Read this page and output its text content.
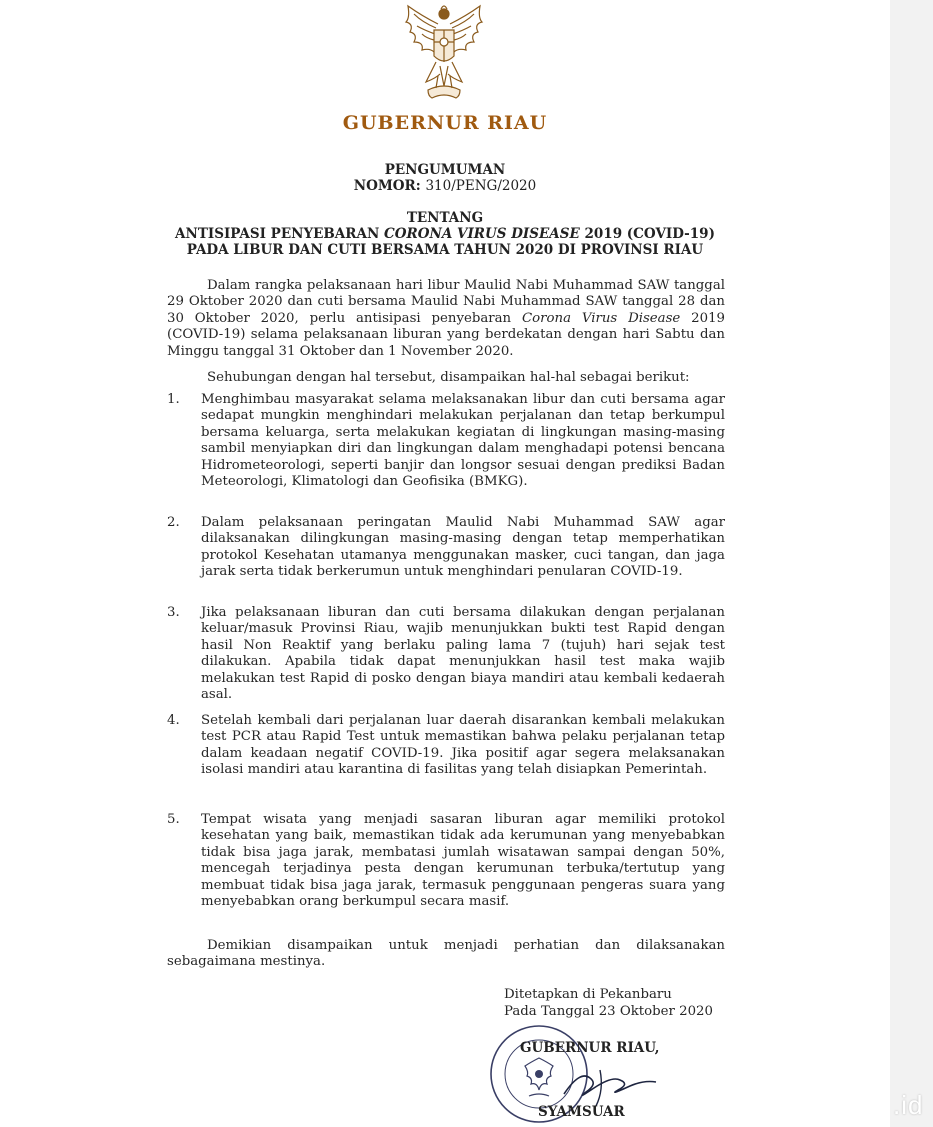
GUBERNUR RIAU
PENGUMUMAN
NOMOR: 310/PENG/2020
TENTANG
ANTISIPASI PENYEBARAN CORONA VIRUS DISEASE 2019 (COVID-19)
PADA LIBUR DAN CUTI BERSAMA TAHUN 2020 DI PROVINSI RIAU
Dalam rangka pelaksanaan hari libur Maulid Nabi Muhammad SAW tanggal 29 Oktober 2020 dan cuti bersama Maulid Nabi Muhammad SAW tanggal 28 dan 30 Oktober 2020, perlu antisipasi penyebaran Corona Virus Disease 2019 (COVID-19) selama pelaksanaan liburan yang berdekatan dengan hari Sabtu dan Minggu tanggal 31 Oktober dan 1 November 2020.
Sehubungan dengan hal tersebut, disampaikan hal-hal sebagai berikut:
1. Menghimbau masyarakat selama melaksanakan libur dan cuti bersama agar sedapat mungkin menghindari melakukan perjalanan dan tetap berkumpul bersama keluarga, serta melakukan kegiatan di lingkungan masing-masing sambil menyiapkan diri dan lingkungan dalam menghadapi potensi bencana Hidrometeorologi, seperti banjir dan longsor sesuai dengan prediksi Badan Meteorologi, Klimatologi dan Geofisika (BMKG).
2. Dalam pelaksanaan peringatan Maulid Nabi Muhammad SAW agar dilaksanakan dilingkungan masing-masing dengan tetap memperhatikan protokol Kesehatan utamanya menggunakan masker, cuci tangan, dan jaga jarak serta tidak berkerumun untuk menghindari penularan COVID-19.
3. Jika pelaksanaan liburan dan cuti bersama dilakukan dengan perjalanan keluar/masuk Provinsi Riau, wajib menunjukkan bukti test Rapid dengan hasil Non Reaktif yang berlaku paling lama 7 (tujuh) hari sejak test dilakukan. Apabila tidak dapat menunjukkan hasil test maka wajib melakukan test Rapid di posko dengan biaya mandiri atau kembali kedaerah asal.
4. Setelah kembali dari perjalanan luar daerah disarankan kembali melakukan test PCR atau Rapid Test untuk memastikan bahwa pelaku perjalanan tetap dalam keadaan negatif COVID-19. Jika positif agar segera melaksanakan isolasi mandiri atau karantina di fasilitas yang telah disiapkan Pemerintah.
5. Tempat wisata yang menjadi sasaran liburan agar memiliki protokol kesehatan yang baik, memastikan tidak ada kerumunan yang menyebabkan tidak bisa jaga jarak, membatasi jumlah wisatawan sampai dengan 50%, mencegah terjadinya pesta dengan kerumunan terbuka/tertutup yang membuat tidak bisa jaga jarak, termasuk penggunaan pengeras suara yang menyebabkan orang berkumpul secara masif.
Demikian disampaikan untuk menjadi perhatian dan dilaksanakan sebagaimana mestinya.
Ditetapkan di Pekanbaru
Pada Tanggal 23 Oktober 2020
GUBERNUR RIAU,
SYAMSUAR	.id
